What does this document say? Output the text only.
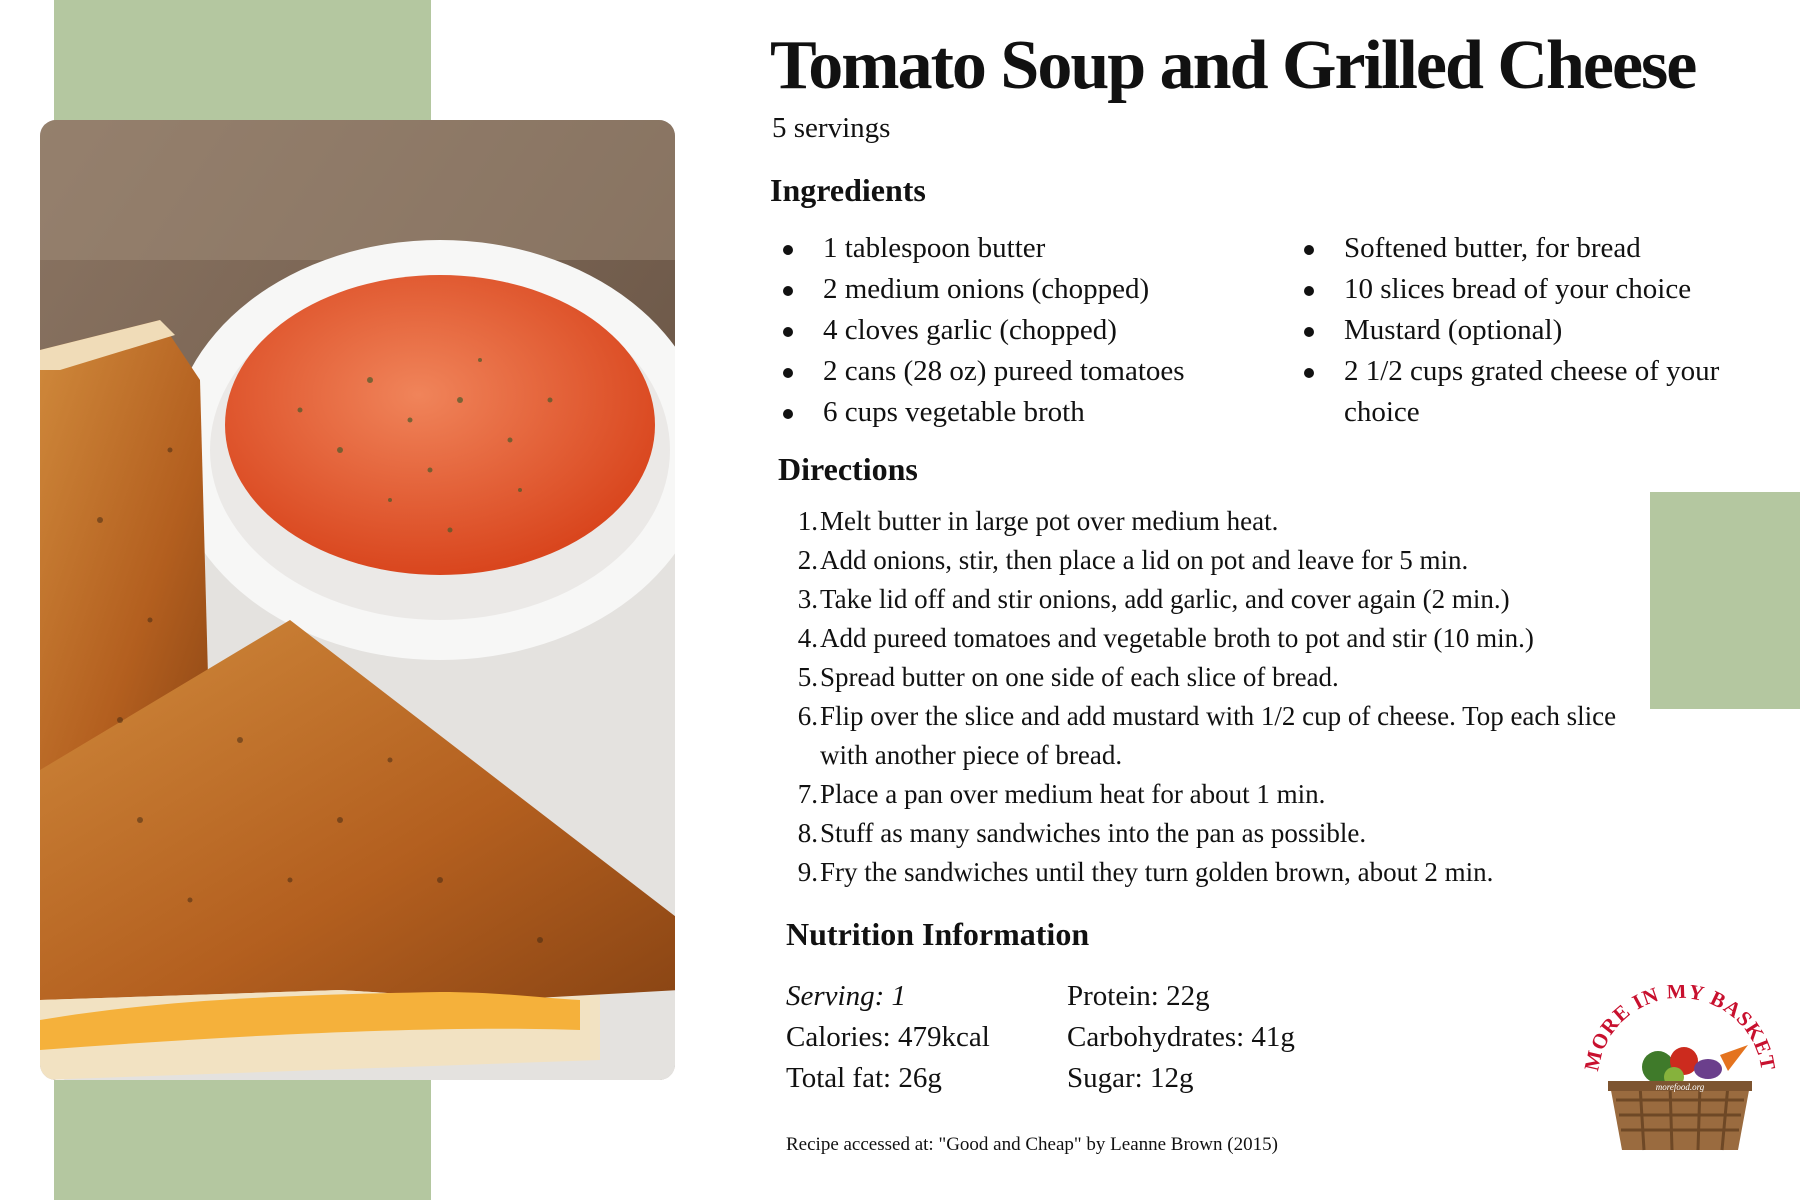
Tomato Soup and Grilled Cheese

5 servings

Ingredients
1 tablespoon butter
2 medium onions (chopped)
4 cloves garlic (chopped)
2 cans (28 oz) pureed tomatoes
6 cups vegetable broth
Softened butter, for bread
10 slices bread of your choice
Mustard (optional)
2 1/2 cups grated cheese of your choice
Directions
1. Melt butter in large pot over medium heat.
2. Add onions, stir, then place a lid on pot and leave for 5 min.
3. Take lid off and stir onions, add garlic, and cover again (2 min.)
4. Add pureed tomatoes and vegetable broth to pot and stir (10 min.)
5. Spread butter on one side of each slice of bread.
6. Flip over the slice and add mustard with 1/2 cup of cheese. Top each slice with another piece of bread.
7. Place a pan over medium heat for about 1 min.
8. Stuff as many sandwiches into the pan as possible.
9. Fry the sandwiches until they turn golden brown, about 2 min.
Nutrition Information

Serving: 1

Calories: 479kcal

Total fat: 26g

Protein: 22g

Carbohydrates: 41g

Sugar: 12g

Recipe accessed at: "Good and Cheap" by Leanne Brown (2015)

MORE IN MY BASKET
morefood.org
